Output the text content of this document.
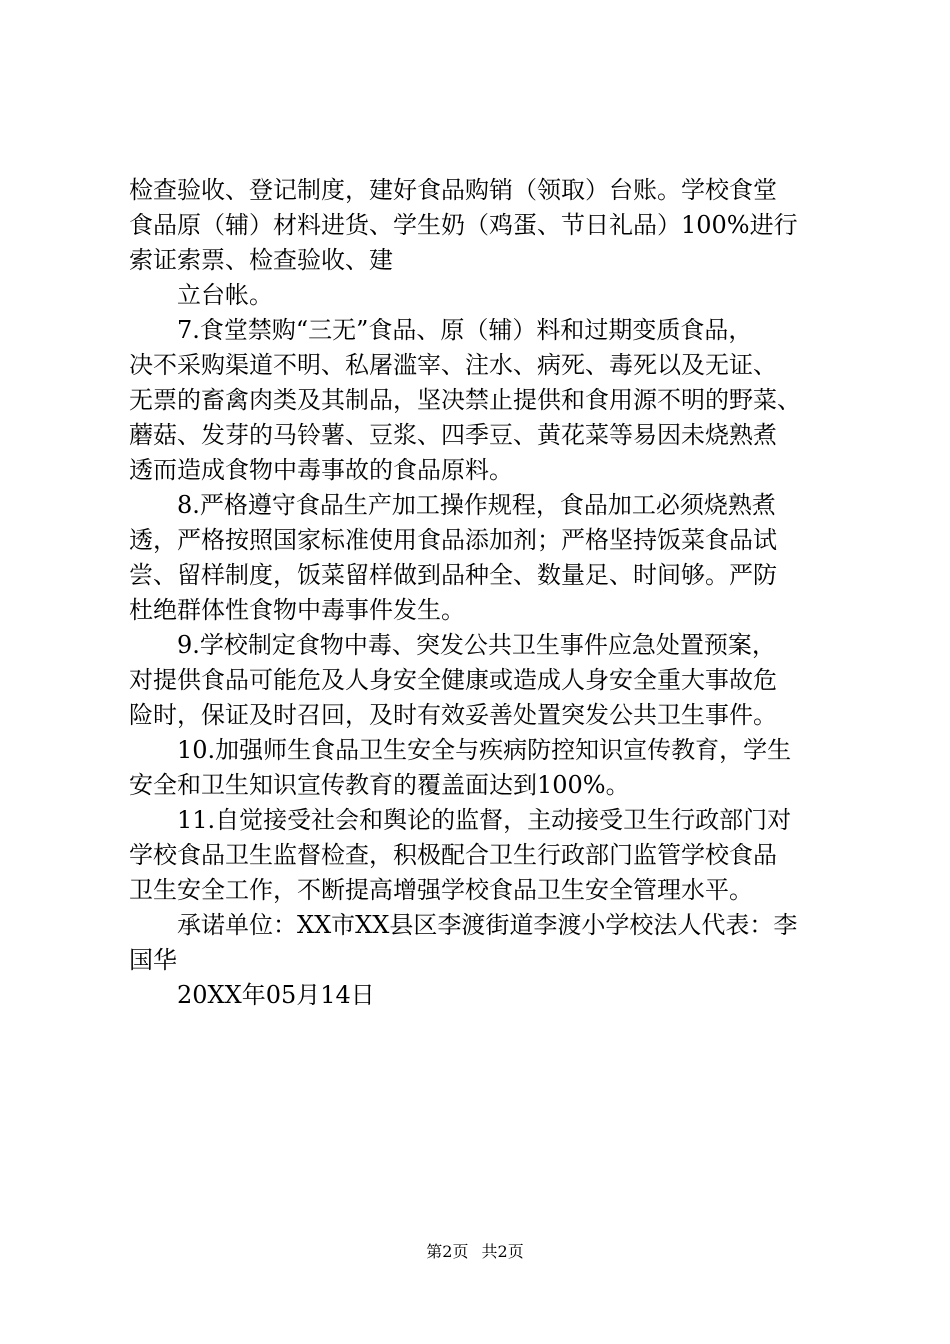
检查验收、登记制度，建好食品购销（领取）台账。学校食堂
食品原（辅）材料进货、学生奶（鸡蛋、节日礼品）100%进行
索证索票、检查验收、建
立台帐。
7.食堂禁购“三无”食品、原（辅）料和过期变质食品，
决不采购渠道不明、私屠滥宰、注水、病死、毒死以及无证、
无票的畜禽肉类及其制品，坚决禁止提供和食用源不明的野菜、
蘑菇、发芽的马铃薯、豆浆、四季豆、黄花菜等易因未烧熟煮
透而造成食物中毒事故的食品原料。
8.严格遵守食品生产加工操作规程，食品加工必须烧熟煮
透，严格按照国家标准使用食品添加剂；严格坚持饭菜食品试
尝、留样制度，饭菜留样做到品种全、数量足、时间够。严防
杜绝群体性食物中毒事件发生。
9.学校制定食物中毒、突发公共卫生事件应急处置预案，
对提供食品可能危及人身安全健康或造成人身安全重大事故危
险时，保证及时召回，及时有效妥善处置突发公共卫生事件。
10.加强师生食品卫生安全与疾病防控知识宣传教育，学生
安全和卫生知识宣传教育的覆盖面达到100%。
11.自觉接受社会和舆论的监督，主动接受卫生行政部门对
学校食品卫生监督检查，积极配合卫生行政部门监管学校食品
卫生安全工作，不断提高增强学校食品卫生安全管理水平。
承诺单位：XX市XX县区李渡街道李渡小学校法人代表：李
国华
20XX年05月14日
第2页 共2页
